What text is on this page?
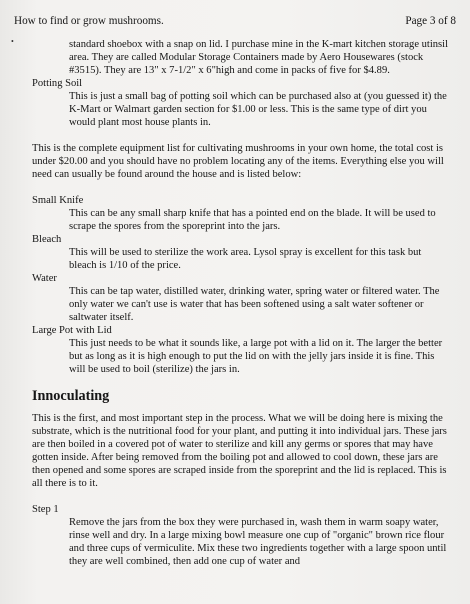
How to find or grow mushrooms.	Page 3 of 8
•	standard shoebox with a snap on lid. I purchase mine in the K-mart kitchen storage utinsil area. They are called Modular Storage Containers made by Aero Housewares (stock #3515). They are 13" x 7-1/2" x 6"high and come in packs of five for $4.89.

Potting Soil

This is just a small bag of potting soil which can be purchased also at (you guessed it) the K-Mart or Walmart garden section for $1.00 or less. This is the same type of dirt you would plant most house plants in.

This is the complete equipment list for cultivating mushrooms in your own home, the total cost is under $20.00 and you should have no problem locating any of the items. Everything else you will need can usually be found around the house and is listed below:

Small Knife

This can be any small sharp knife that has a pointed end on the blade. It will be used to scrape the spores from the sporeprint into the jars.

Bleach

This will be used to sterilize the work area. Lysol spray is excellent for this task but bleach is 1/10 of the price.

Water

This can be tap water, distilled water, drinking water, spring water or filtered water. The only water we can't use is water that has been softened using a salt water softener or saltwater itself.

Large Pot with Lid

This just needs to be what it sounds like, a large pot with a lid on it. The larger the better but as long as it is high enough to put the lid on with the jelly jars inside it is fine. This will be used to boil (sterilize) the jars in.

Innoculating

This is the first, and most important step in the process. What we will be doing here is mixing the substrate, which is the nutritional food for your plant, and putting it into individual jars. These jars are then boiled in a covered pot of water to sterilize and kill any germs or spores that may have gotten inside. After being removed from the boiling pot and allowed to cool down, these jars are then opened and some spores are scraped inside from the sporeprint and the lid is replaced. This is all there is to it.

Step 1

Remove the jars from the box they were purchased in, wash them in warm soapy water, rinse well and dry. In a large mixing bowl measure one cup of "organic" brown rice flour and three cups of vermiculite. Mix these two ingredients together with a large spoon until they are well combined, then add one cup of water and
